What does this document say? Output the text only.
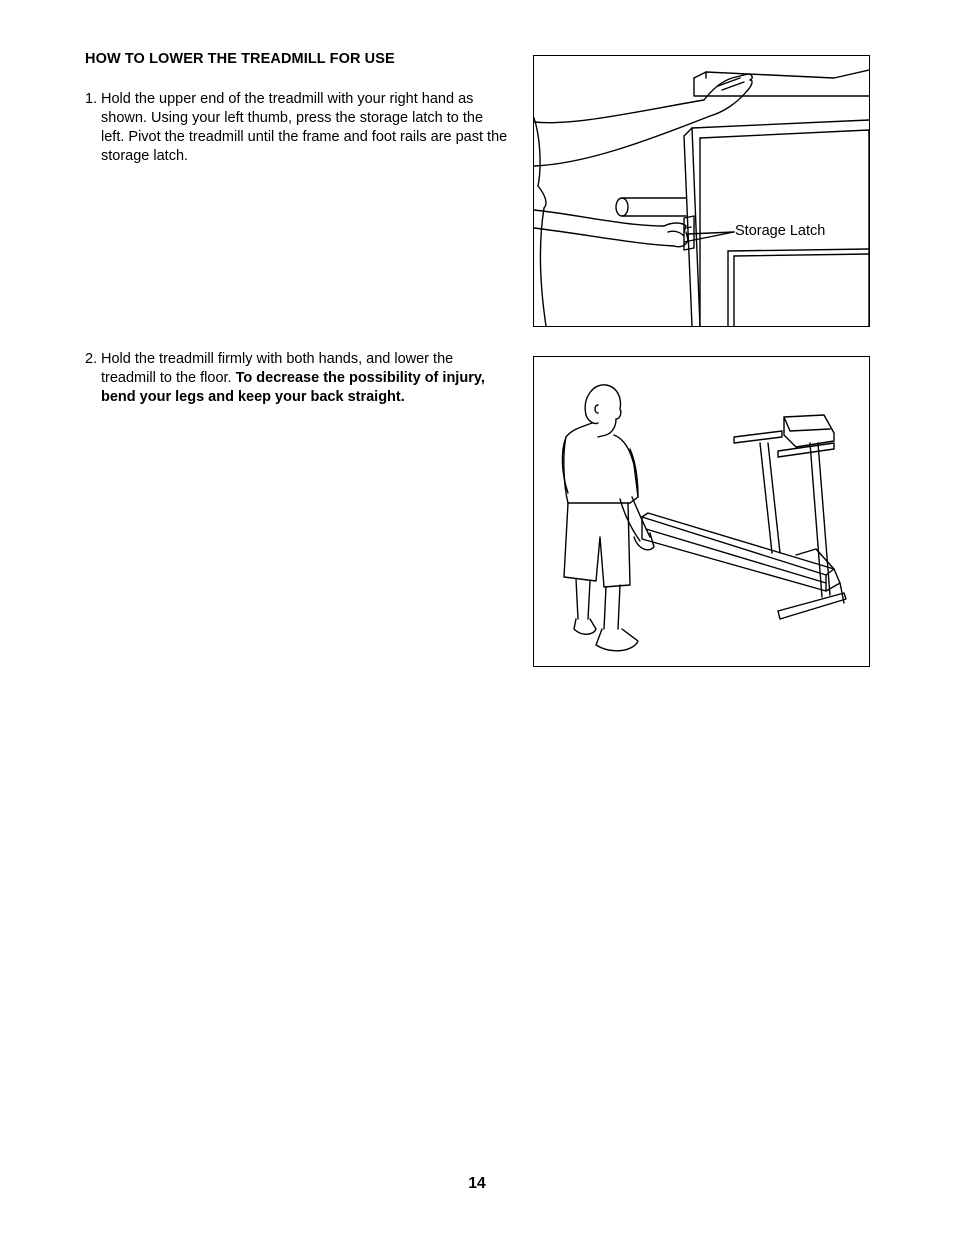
HOW TO LOWER THE TREADMILL FOR USE
1. Hold the upper end of the treadmill with your right hand as shown. Using your left thumb, press the storage latch to the left. Pivot the treadmill until the frame and foot rails are past the storage latch.
2. Hold the treadmill firmly with both hands, and lower the treadmill to the floor. To decrease the possibility of injury, bend your legs and keep your back straight.
Storage Latch
14
